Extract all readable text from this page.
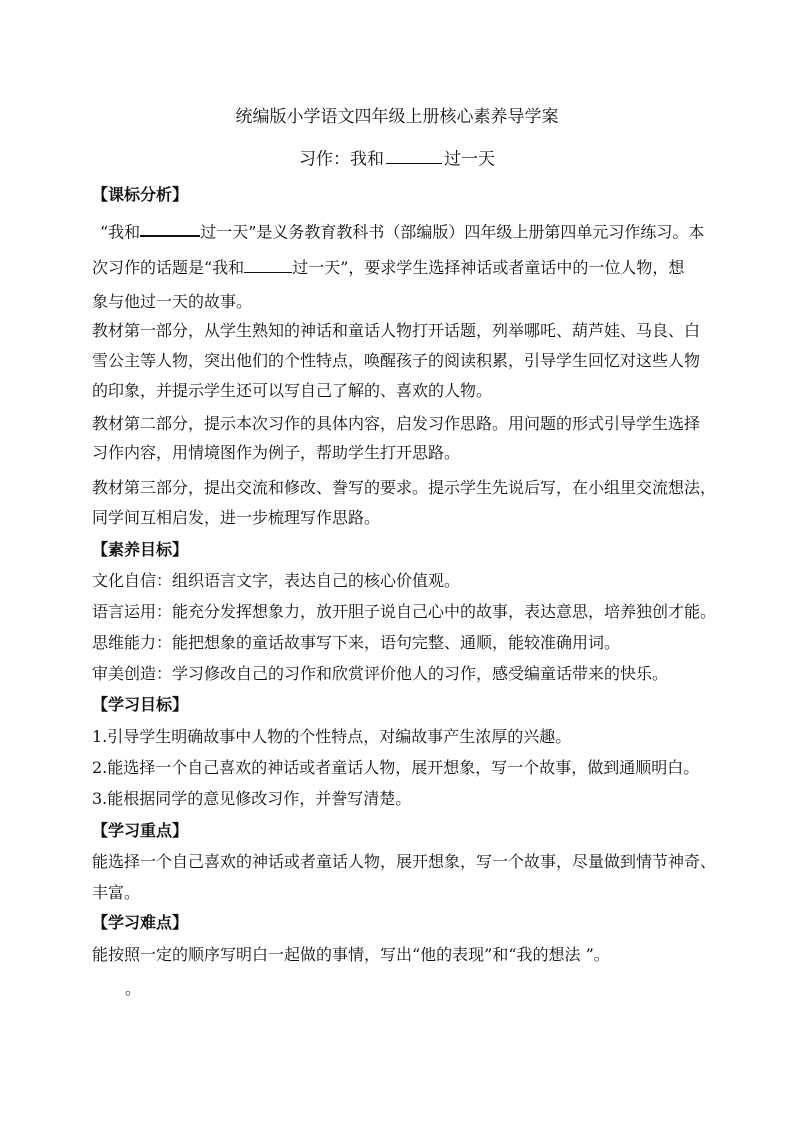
统编版小学语文四年级上册核心素养导学案
习作：我和	过一天
【课标分析】
“我和	过一天”是义务教育教科书（部编版）四年级上册第四单元习作练习。本
次习作的话题是“我和	过一天”，要求学生选择神话或者童话中的一位人物，想
象与他过一天的故事。
教材第一部分，从学生熟知的神话和童话人物打开话题，列举哪吒、葫芦娃、马良、白
雪公主等人物，突出他们的个性特点，唤醒孩子的阅读积累，引导学生回忆对这些人物
的印象，并提示学生还可以写自己了解的、喜欢的人物。
教材第二部分，提示本次习作的具体内容，启发习作思路。用问题的形式引导学生选择
习作内容，用情境图作为例子，帮助学生打开思路。
教材第三部分，提出交流和修改、誊写的要求。提示学生先说后写，在小组里交流想法，
同学间互相启发，进一步梳理写作思路。
【素养目标】
文化自信：组织语言文字，表达自己的核心价值观。
语言运用：能充分发挥想象力，放开胆子说自己心中的故事，表达意思，培养独创才能。
思维能力：能把想象的童话故事写下来，语句完整、通顺，能较准确用词。
审美创造：学习修改自己的习作和欣赏评价他人的习作，感受编童话带来的快乐。
【学习目标】
1.引导学生明确故事中人物的个性特点，对编故事产生浓厚的兴趣。
2.能选择一个自己喜欢的神话或者童话人物，展开想象，写一个故事，做到通顺明白。
3.能根据同学的意见修改习作，并誊写清楚。
【学习重点】
能选择一个自己喜欢的神话或者童话人物，展开想象，写一个故事，尽量做到情节神奇、
丰富。
【学习难点】
能按照一定的顺序写明白一起做的事情，写出“他的表现”和“我的想法 ”。
。
